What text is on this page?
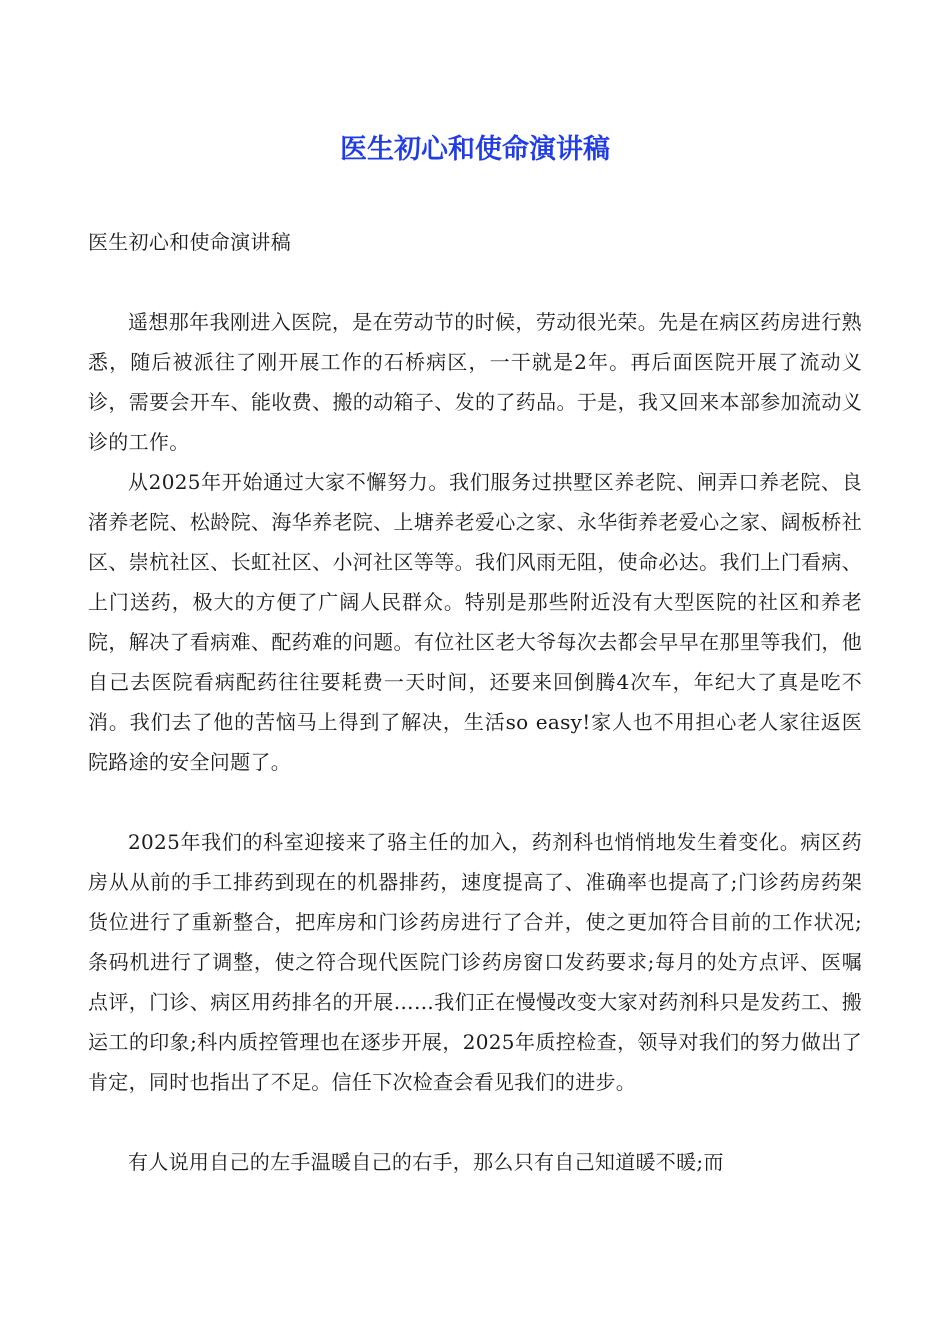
医生初心和使命演讲稿

医生初心和使命演讲稿

遥想那年我刚进入医院，是在劳动节的时候，劳动很光荣。先是在病区药房进行熟悉，随后被派往了刚开展工作的石桥病区，一干就是2年。再后面医院开展了流动义诊，需要会开车、能收费、搬的动箱子、发的了药品。于是，我又回来本部参加流动义诊的工作。

从2025年开始通过大家不懈努力。我们服务过拱墅区养老院、闸弄口养老院、良渚养老院、松龄院、海华养老院、上塘养老爱心之家、永华街养老爱心之家、阔板桥社区、崇杭社区、长虹社区、小河社区等等。我们风雨无阻，使命必达。我们上门看病、上门送药，极大的方便了广阔人民群众。特别是那些附近没有大型医院的社区和养老院，解决了看病难、配药难的问题。有位社区老大爷每次去都会早早在那里等我们，他自己去医院看病配药往往要耗费一天时间，还要来回倒腾4次车，年纪大了真是吃不消。我们去了他的苦恼马上得到了解决，生活so easy!家人也不用担心老人家往返医院路途的安全问题了。

2025年我们的科室迎接来了骆主任的加入，药剂科也悄悄地发生着变化。病区药房从从前的手工排药到现在的机器排药，速度提高了、准确率也提高了;门诊药房药架货位进行了重新整合，把库房和门诊药房进行了合并，使之更加符合目前的工作状况;条码机进行了调整，使之符合现代医院门诊药房窗口发药要求;每月的处方点评、医嘱点评，门诊、病区用药排名的开展……我们正在慢慢改变大家对药剂科只是发药工、搬运工的印象;科内质控管理也在逐步开展，2025年质控检查，领导对我们的努力做出了肯定，同时也指出了不足。信任下次检查会看见我们的进步。

有人说用自己的左手温暖自己的右手，那么只有自己知道暖不暖;而
